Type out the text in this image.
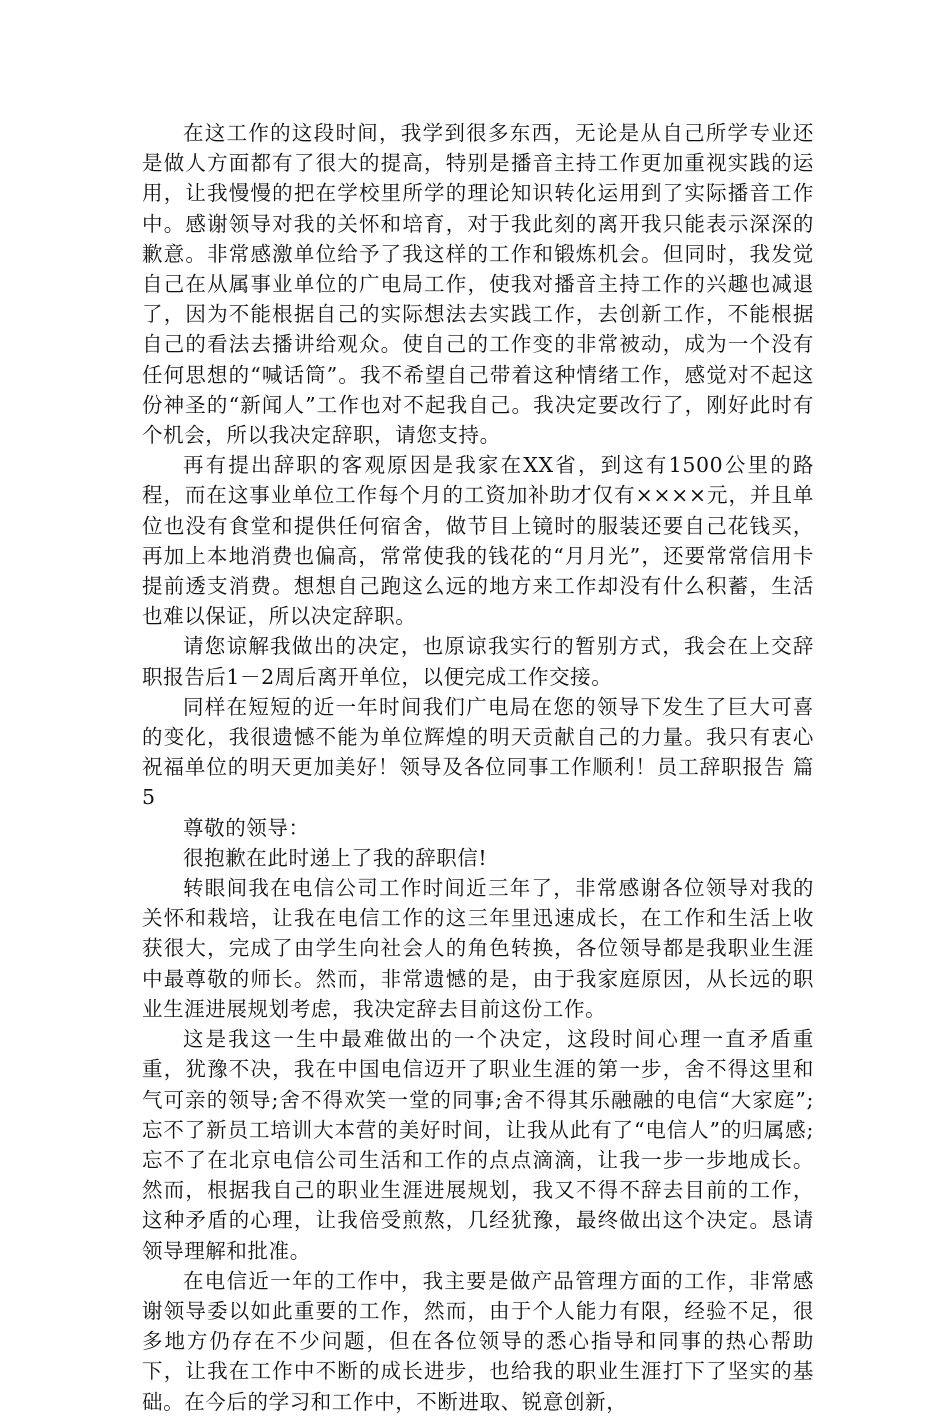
在这工作的这段时间，我学到很多东西，无论是从自己所学专业还是做人方面都有了很大的提高，特别是播音主持工作更加重视实践的运用，让我慢慢的把在学校里所学的理论知识转化运用到了实际播音工作中。感谢领导对我的关怀和培育，对于我此刻的离开我只能表示深深的歉意。非常感激单位给予了我这样的工作和锻炼机会。但同时，我发觉自己在从属事业单位的广电局工作，使我对播音主持工作的兴趣也减退了，因为不能根据自己的实际想法去实践工作，去创新工作，不能根据自己的看法去播讲给观众。使自己的工作变的非常被动，成为一个没有任何思想的“喊话筒”。我不希望自己带着这种情绪工作，感觉对不起这份神圣的“新闻人”工作也对不起我自己。我决定要改行了，刚好此时有个机会，所以我决定辞职，请您支持。

再有提出辞职的客观原因是我家在XX省，到这有1500公里的路程，而在这事业单位工作每个月的工资加补助才仅有××××元，并且单位也没有食堂和提供任何宿舍，做节目上镜时的服装还要自己花钱买，再加上本地消费也偏高，常常使我的钱花的“月月光”，还要常常信用卡提前透支消费。想想自己跑这么远的地方来工作却没有什么积蓄，生活也难以保证，所以决定辞职。

请您谅解我做出的决定，也原谅我实行的暂别方式，我会在上交辞职报告后1－2周后离开单位，以便完成工作交接。

同样在短短的近一年时间我们广电局在您的领导下发生了巨大可喜的变化，我很遗憾不能为单位辉煌的明天贡献自己的力量。我只有衷心祝福单位的明天更加美好！领导及各位同事工作顺利！员工辞职报告 篇5

尊敬的领导：

很抱歉在此时递上了我的辞职信!

转眼间我在电信公司工作时间近三年了，非常感谢各位领导对我的关怀和栽培，让我在电信工作的这三年里迅速成长，在工作和生活上收获很大，完成了由学生向社会人的角色转换，各位领导都是我职业生涯中最尊敬的师长。然而，非常遗憾的是，由于我家庭原因，从长远的职业生涯进展规划考虑，我决定辞去目前这份工作。

这是我这一生中最难做出的一个决定，这段时间心理一直矛盾重重，犹豫不决，我在中国电信迈开了职业生涯的第一步，舍不得这里和气可亲的领导;舍不得欢笑一堂的同事;舍不得其乐融融的电信“大家庭”;忘不了新员工培训大本营的美好时间，让我从此有了“电信人”的归属感;忘不了在北京电信公司生活和工作的点点滴滴，让我一步一步地成长。然而，根据我自己的职业生涯进展规划，我又不得不辞去目前的工作，这种矛盾的心理，让我倍受煎熬，几经犹豫，最终做出这个决定。恳请领导理解和批准。

在电信近一年的工作中，我主要是做产品管理方面的工作，非常感谢领导委以如此重要的工作，然而，由于个人能力有限，经验不足，很多地方仍存在不少问题，但在各位领导的悉心指导和同事的热心帮助下，让我在工作中不断的成长进步，也给我的职业生涯打下了坚实的基础。在今后的学习和工作中，不断进取、锐意创新，
